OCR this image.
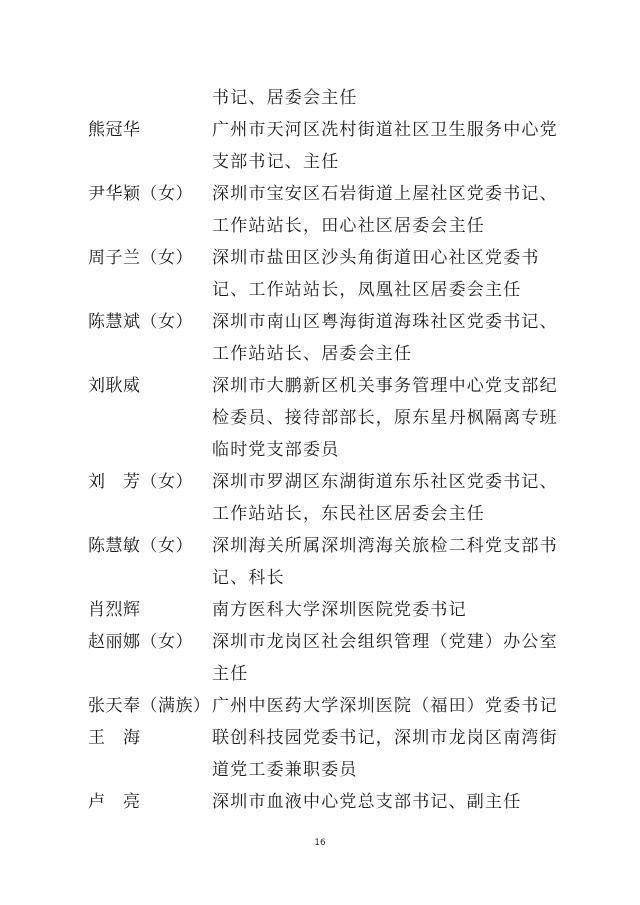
书记、居委会主任
熊冠华	广州市天河区冼村街道社区卫生服务中心党
支部书记、主任
尹华颖（女） 深圳市宝安区石岩街道上屋社区党委书记、
工作站站长，田心社区居委会主任
周子兰（女） 深圳市盐田区沙头角街道田心社区党委书
记、工作站站长，凤凰社区居委会主任
陈慧斌（女） 深圳市南山区粤海街道海珠社区党委书记、
工作站站长、居委会主任
刘耿威	深圳市大鹏新区机关事务管理中心党支部纪
检委员、接待部部长，原东星丹枫隔离专班
临时党支部委员
刘　芳（女） 深圳市罗湖区东湖街道东乐社区党委书记、
工作站站长，东民社区居委会主任
陈慧敏（女） 深圳海关所属深圳湾海关旅检二科党支部书
记、科长
肖烈辉	南方医科大学深圳医院党委书记
赵丽娜（女） 深圳市龙岗区社会组织管理（党建）办公室
主任
张天奉（满族） 广州中医药大学深圳医院（福田）党委书记
王　海	联创科技园党委书记，深圳市龙岗区南湾街
道党工委兼职委员
卢　亮	深圳市血液中心党总支部书记、副主任
16
